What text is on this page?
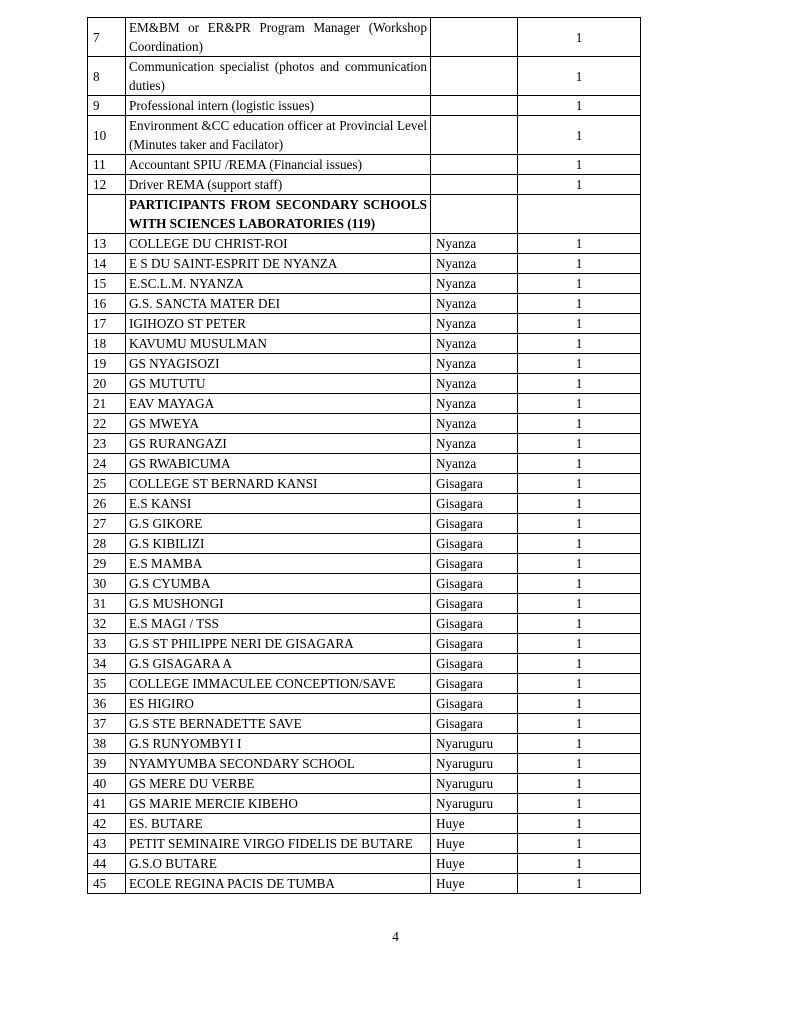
7	EM&BM or ER&PR Program Manager (Workshop Coordination)		1
8	Communication specialist (photos and communication duties)		1
9	Professional intern (logistic issues)		1
10	Environment &CC education officer at Provincial Level (Minutes taker and Facilator)		1
11	Accountant SPIU /REMA (Financial issues)		1
12	Driver REMA (support staff)		1
	PARTICIPANTS FROM SECONDARY SCHOOLS WITH SCIENCES LABORATORIES (119)		
13	COLLEGE DU CHRIST-ROI	Nyanza	1
14	E S DU SAINT-ESPRIT DE NYANZA	Nyanza	1
15	E.SC.L.M. NYANZA	Nyanza	1
16	G.S. SANCTA MATER DEI	Nyanza	1
17	IGIHOZO ST PETER	Nyanza	1
18	KAVUMU MUSULMAN	Nyanza	1
19	GS NYAGISOZI	Nyanza	1
20	GS MUTUTU	Nyanza	1
21	EAV MAYAGA	Nyanza	1
22	GS MWEYA	Nyanza	1
23	GS RURANGAZI	Nyanza	1
24	GS RWABICUMA	Nyanza	1
25	COLLEGE ST BERNARD KANSI	Gisagara	1
26	E.S KANSI	Gisagara	1
27	G.S GIKORE	Gisagara	1
28	G.S KIBILIZI	Gisagara	1
29	E.S MAMBA	Gisagara	1
30	G.S CYUMBA	Gisagara	1
31	G.S MUSHONGI	Gisagara	1
32	E.S MAGI / TSS	Gisagara	1
33	G.S ST PHILIPPE NERI DE GISAGARA	Gisagara	1
34	G.S GISAGARA A	Gisagara	1
35	COLLEGE IMMACULEE CONCEPTION/SAVE	Gisagara	1
36	ES HIGIRO	Gisagara	1
37	G.S STE BERNADETTE SAVE	Gisagara	1
38	G.S RUNYOMBYI I	Nyaruguru	1
39	NYAMYUMBA SECONDARY SCHOOL	Nyaruguru	1
40	GS MERE DU VERBE	Nyaruguru	1
41	GS MARIE MERCIE KIBEHO	Nyaruguru	1
42	ES. BUTARE	Huye	1
43	PETIT SEMINAIRE VIRGO FIDELIS DE BUTARE	Huye	1
44	G.S.O BUTARE	Huye	1
45	ECOLE REGINA PACIS DE TUMBA	Huye	1
4
